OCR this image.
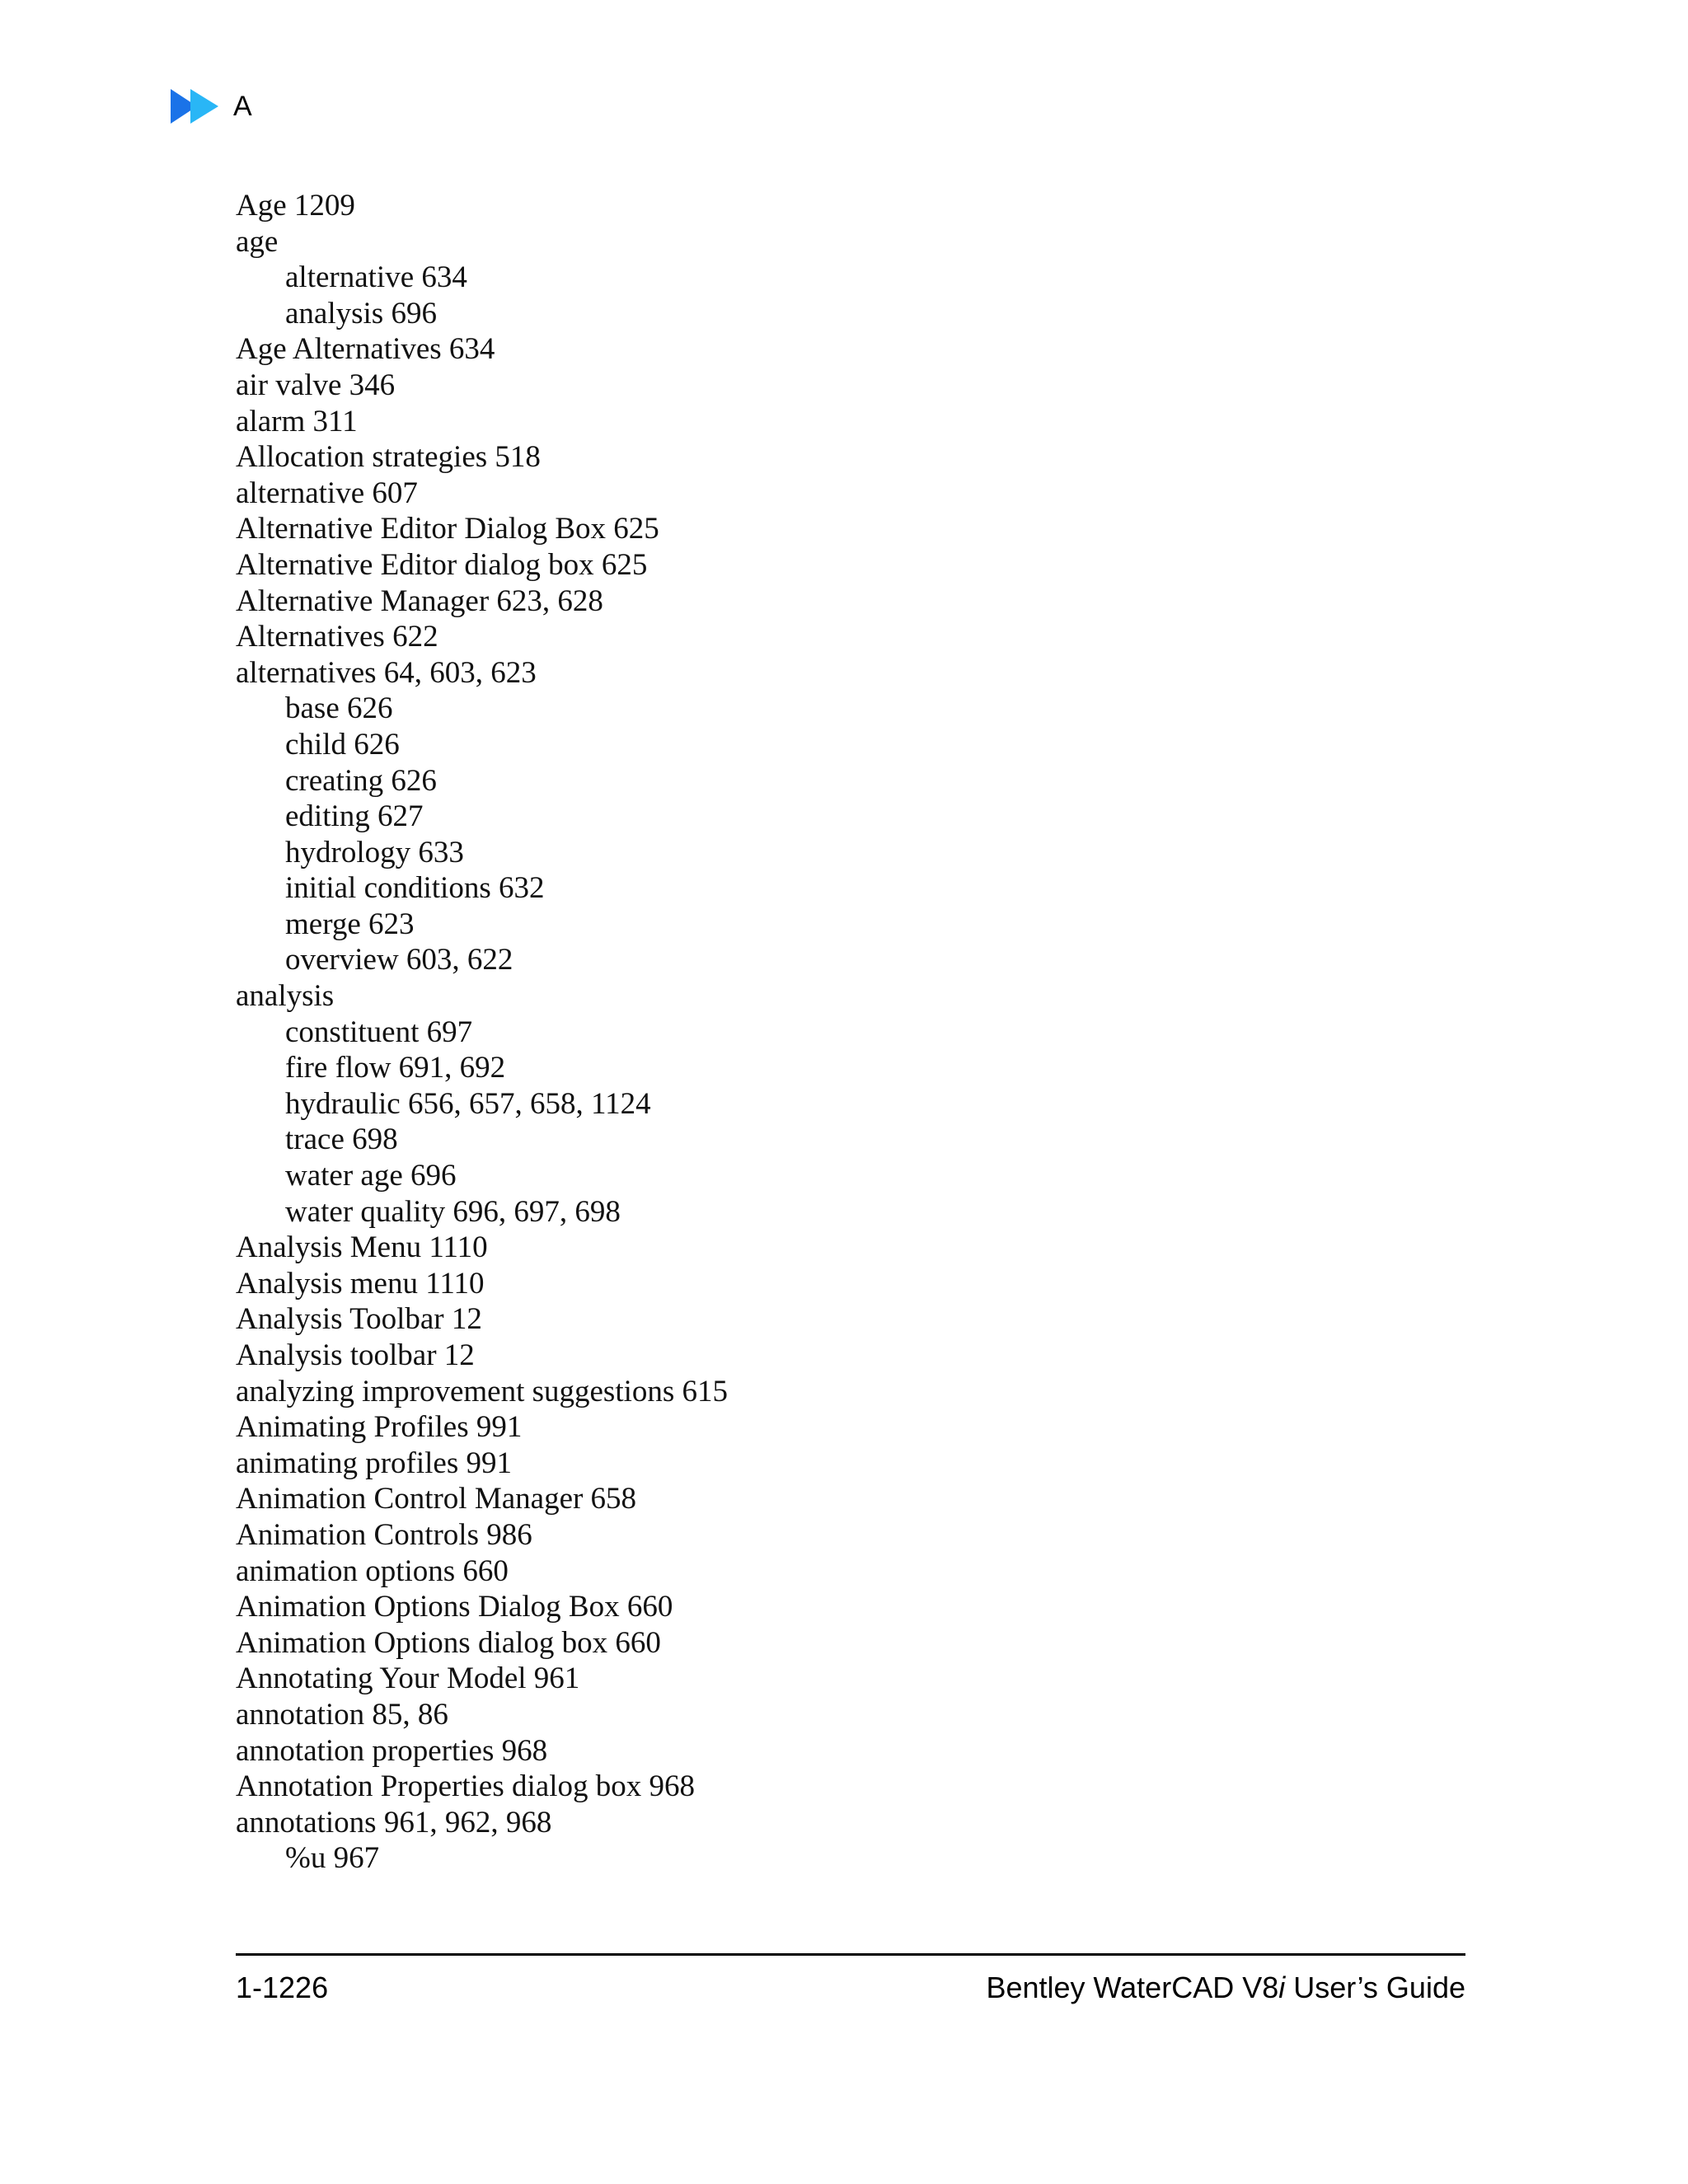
A
Age 1209
age
alternative 634
analysis 696
Age Alternatives 634
air valve 346
alarm 311
Allocation strategies 518
alternative 607
Alternative Editor Dialog Box 625
Alternative Editor dialog box 625
Alternative Manager 623, 628
Alternatives 622
alternatives 64, 603, 623
base 626
child 626
creating 626
editing 627
hydrology 633
initial conditions 632
merge 623
overview 603, 622
analysis
constituent 697
fire flow 691, 692
hydraulic 656, 657, 658, 1124
trace 698
water age 696
water quality 696, 697, 698
Analysis Menu 1110
Analysis menu 1110
Analysis Toolbar 12
Analysis toolbar 12
analyzing improvement suggestions 615
Animating Profiles 991
animating profiles 991
Animation Control Manager 658
Animation Controls 986
animation options 660
Animation Options Dialog Box 660
Animation Options dialog box 660
Annotating Your Model 961
annotation 85, 86
annotation properties 968
Annotation Properties dialog box 968
annotations 961, 962, 968
%u 967
1-1226	Bentley WaterCAD V8i User’s Guide
